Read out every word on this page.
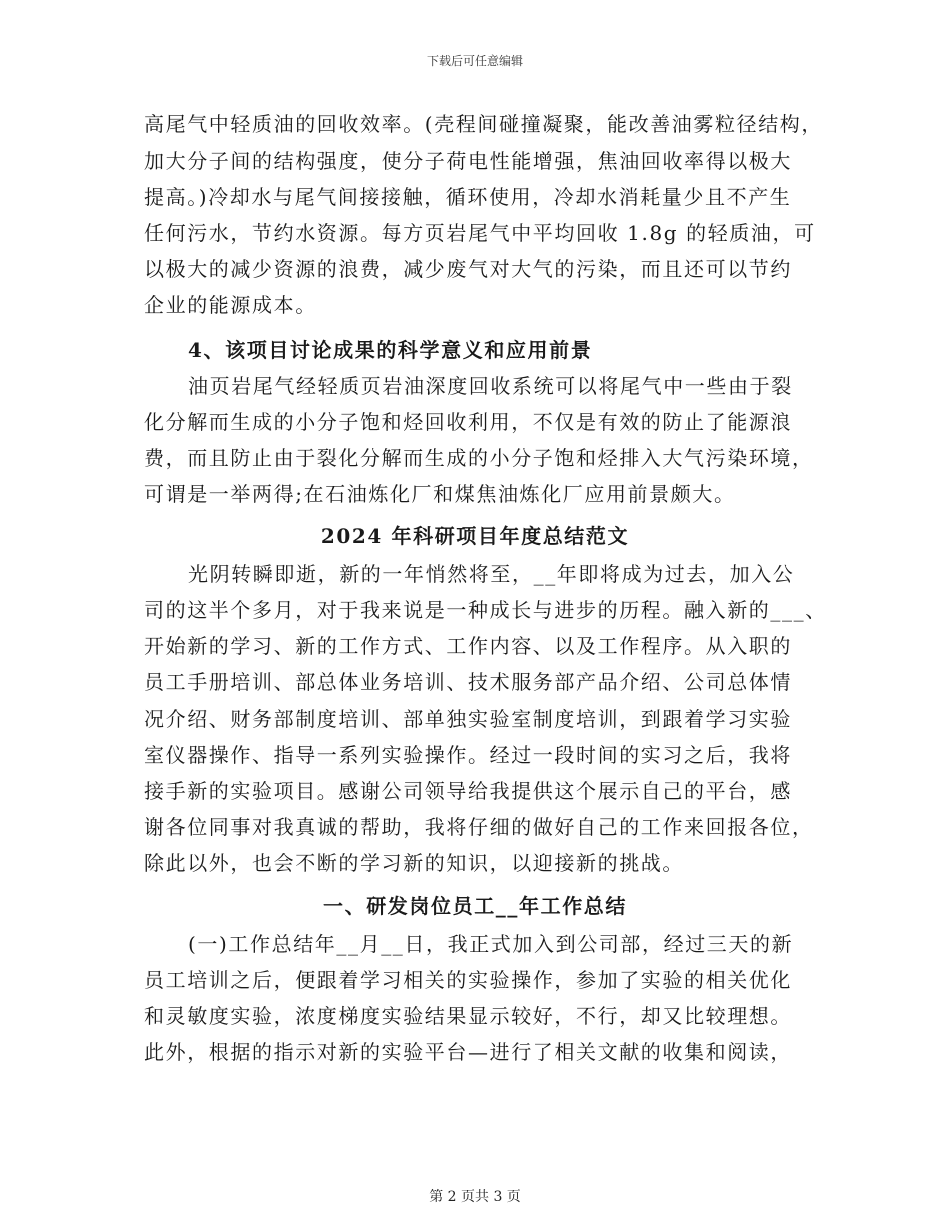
下载后可任意编辑
高尾气中轻质油的回收效率。(壳程间碰撞凝聚，能改善油雾粒径结构，
加大分子间的结构强度，使分子荷电性能增强，焦油回收率得以极大
提高。)冷却水与尾气间接接触，循环使用，冷却水消耗量少且不产生
任何污水，节约水资源。每方页岩尾气中平均回收 1.8g 的轻质油，可
以极大的减少资源的浪费，减少废气对大气的污染，而且还可以节约
企业的能源成本。
4、该项目讨论成果的科学意义和应用前景
油页岩尾气经轻质页岩油深度回收系统可以将尾气中一些由于裂
化分解而生成的小分子饱和烃回收利用，不仅是有效的防止了能源浪
费，而且防止由于裂化分解而生成的小分子饱和烃排入大气污染环境，
可谓是一举两得;在石油炼化厂和煤焦油炼化厂应用前景颇大。
2024 年科研项目年度总结范文
光阴转瞬即逝，新的一年悄然将至，__年即将成为过去，加入公
司的这半个多月，对于我来说是一种成长与进步的历程。融入新的___、
开始新的学习、新的工作方式、工作内容、以及工作程序。从入职的
员工手册培训、部总体业务培训、技术服务部产品介绍、公司总体情
况介绍、财务部制度培训、部单独实验室制度培训，到跟着学习实验
室仪器操作、指导一系列实验操作。经过一段时间的实习之后，我将
接手新的实验项目。感谢公司领导给我提供这个展示自己的平台，感
谢各位同事对我真诚的帮助，我将仔细的做好自己的工作来回报各位，
除此以外，也会不断的学习新的知识，以迎接新的挑战。
一、研发岗位员工__年工作总结
(一)工作总结年__月__日，我正式加入到公司部，经过三天的新
员工培训之后，便跟着学习相关的实验操作，参加了实验的相关优化
和灵敏度实验，浓度梯度实验结果显示较好，不行，却又比较理想。
此外，根据的指示对新的实验平台—进行了相关文献的收集和阅读，
第 2 页共 3 页
